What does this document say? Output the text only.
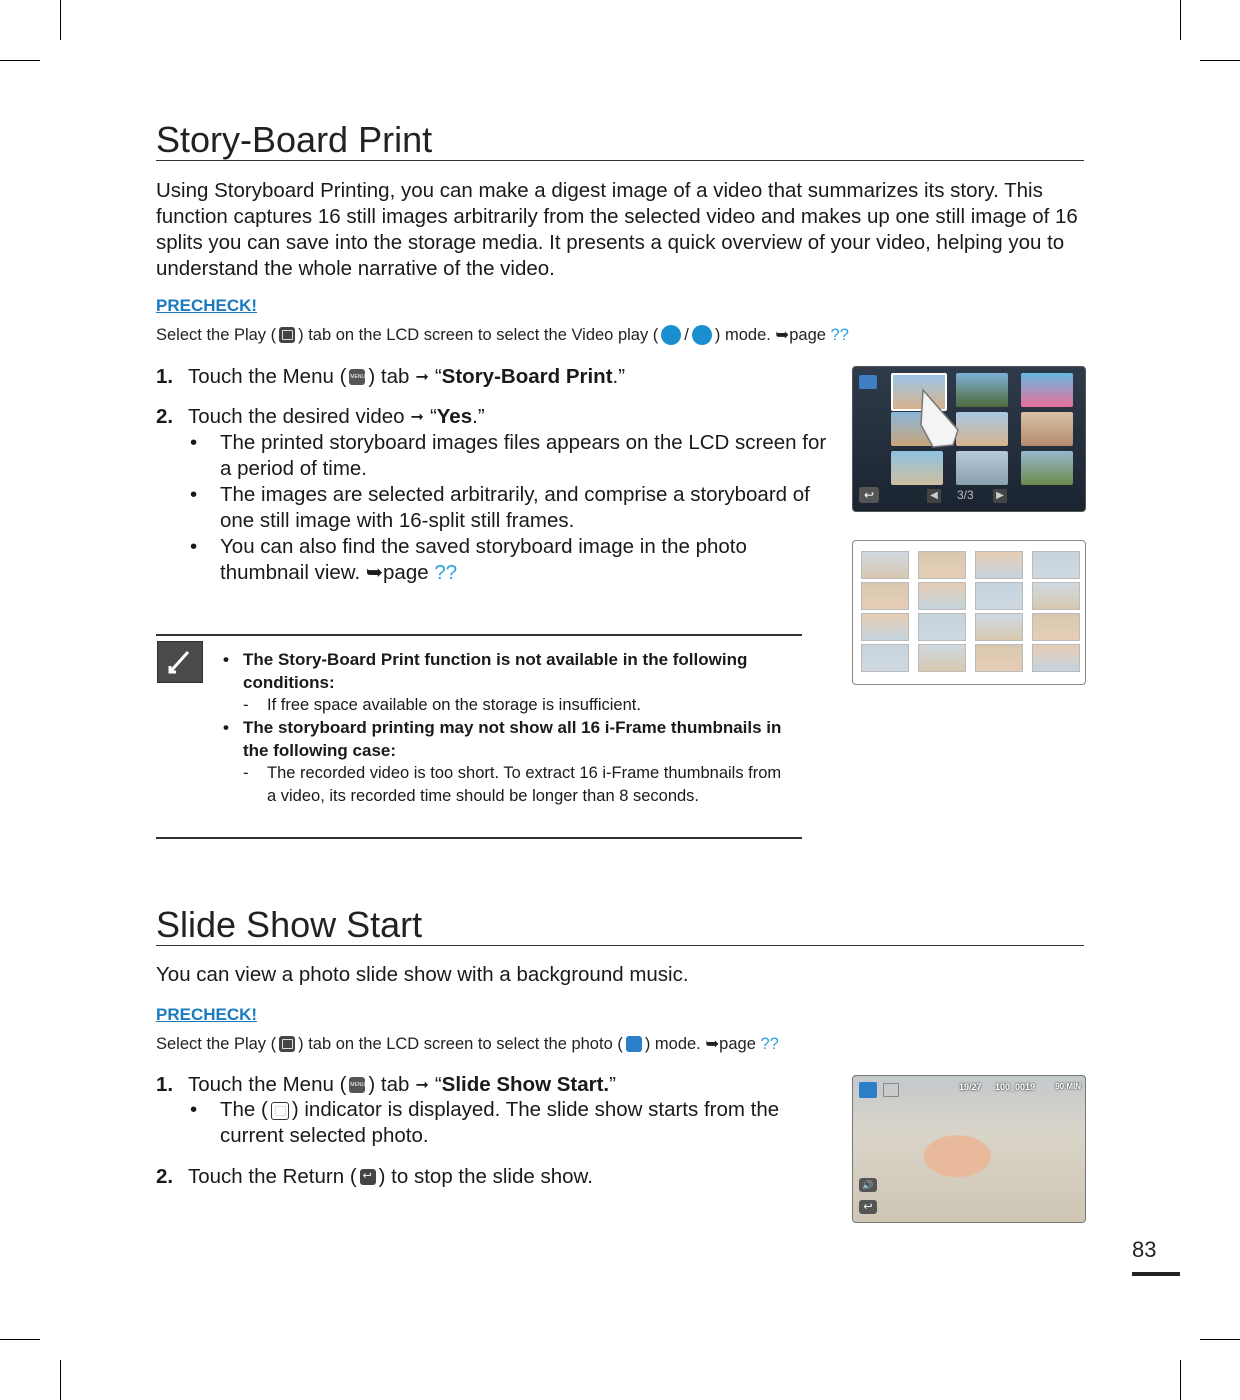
Story-Board Print
Using Storyboard Printing, you can make a digest image of a video that summarizes its story. This function captures 16 still images arbitrarily from the selected video and makes up one still image of 16 splits you can save into the storage media. It presents a quick overview of your video, helping you to understand the whole narrative of the video.
PRECHECK!
Select the Play ( ) tab on the LCD screen to select the Video play ( / ) mode. ➥page
??
1. Touch the Menu ( MENU ) tab ➞ “ Story-Board Print .”
2. Touch the desired video ➞ “ Yes .”
• The printed storyboard images files appears on the LCD screen for a period of time.
• The images are selected arbitrarily, and comprise a storyboard of one still image with 16-split still frames.
• You can also find the saved storyboard image in the photo thumbnail view. ➥page ??
↩	◀ 3/3	▶
• The Story-Board Print function is not available in the following conditions:
- If free space available on the storage is insufficient.
• The storyboard printing may not show all 16 i-Frame thumbnails in the following case:
- The recorded video is too short. To extract 16 i-Frame thumbnails from a video, its recorded time should be longer than 8 seconds.
Slide Show Start
You can view a photo slide show with a background music.
PRECHECK!
Select the Play ( ) tab on the LCD screen to select the photo ( ) mode. ➥page
??
1. Touch the Menu ( MENU ) tab ➞ “ Slide Show Start. ”
• The ( ) indicator is displayed. The slide show starts from the current selected photo.
2. Touch the Return ( ↩ ) to stop the slide show.
19/27 100_0019	90 MIN
🔊
↩
83
